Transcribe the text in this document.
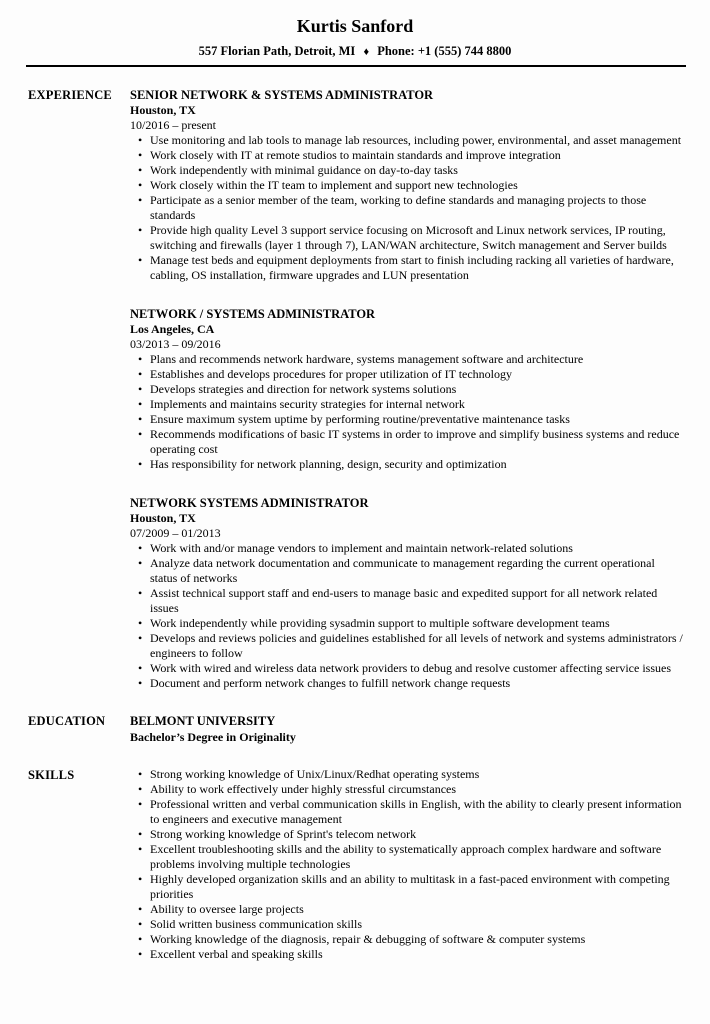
Kurtis Sanford
557 Florian Path, Detroit, MI ♦ Phone: +1 (555) 744 8800
EXPERIENCE	SENIOR NETWORK & SYSTEMS ADMINISTRATOR
Houston, TX
10/2016 – present
• Use monitoring and lab tools to manage lab resources, including power, environmental, and asset management
• Work closely with IT at remote studios to maintain standards and improve integration
• Work independently with minimal guidance on day-to-day tasks
• Work closely within the IT team to implement and support new technologies
• Participate as a senior member of the team, working to define standards and managing projects to those standards
• Provide high quality Level 3 support service focusing on Microsoft and Linux network services, IP routing, switching and firewalls (layer 1 through 7), LAN/WAN architecture, Switch management and Server builds
• Manage test beds and equipment deployments from start to finish including racking all varieties of hardware, cabling, OS installation, firmware upgrades and LUN presentation
NETWORK / SYSTEMS ADMINISTRATOR
Los Angeles, CA
03/2013 – 09/2016
• Plans and recommends network hardware, systems management software and architecture
• Establishes and develops procedures for proper utilization of IT technology
• Develops strategies and direction for network systems solutions
• Implements and maintains security strategies for internal network
• Ensure maximum system uptime by performing routine/preventative maintenance tasks
• Recommends modifications of basic IT systems in order to improve and simplify business systems and reduce operating cost
• Has responsibility for network planning, design, security and optimization
NETWORK SYSTEMS ADMINISTRATOR
Houston, TX
07/2009 – 01/2013
• Work with and/or manage vendors to implement and maintain network-related solutions
• Analyze data network documentation and communicate to management regarding the current operational status of networks
• Assist technical support staff and end-users to manage basic and expedited support for all network related issues
• Work independently while providing sysadmin support to multiple software development teams
• Develops and reviews policies and guidelines established for all levels of network and systems administrators / engineers to follow
• Work with wired and wireless data network providers to debug and resolve customer affecting service issues
• Document and perform network changes to fulfill network change requests
EDUCATION	BELMONT UNIVERSITY
Bachelor’s Degree in Originality
SKILLS	• Strong working knowledge of Unix/Linux/Redhat operating systems
• Ability to work effectively under highly stressful circumstances
• Professional written and verbal communication skills in English, with the ability to clearly present information to engineers and executive management
• Strong working knowledge of Sprint's telecom network
• Excellent troubleshooting skills and the ability to systematically approach complex hardware and software problems involving multiple technologies
• Highly developed organization skills and an ability to multitask in a fast-paced environment with competing priorities
• Ability to oversee large projects
• Solid written business communication skills
• Working knowledge of the diagnosis, repair & debugging of software & computer systems
• Excellent verbal and speaking skills
